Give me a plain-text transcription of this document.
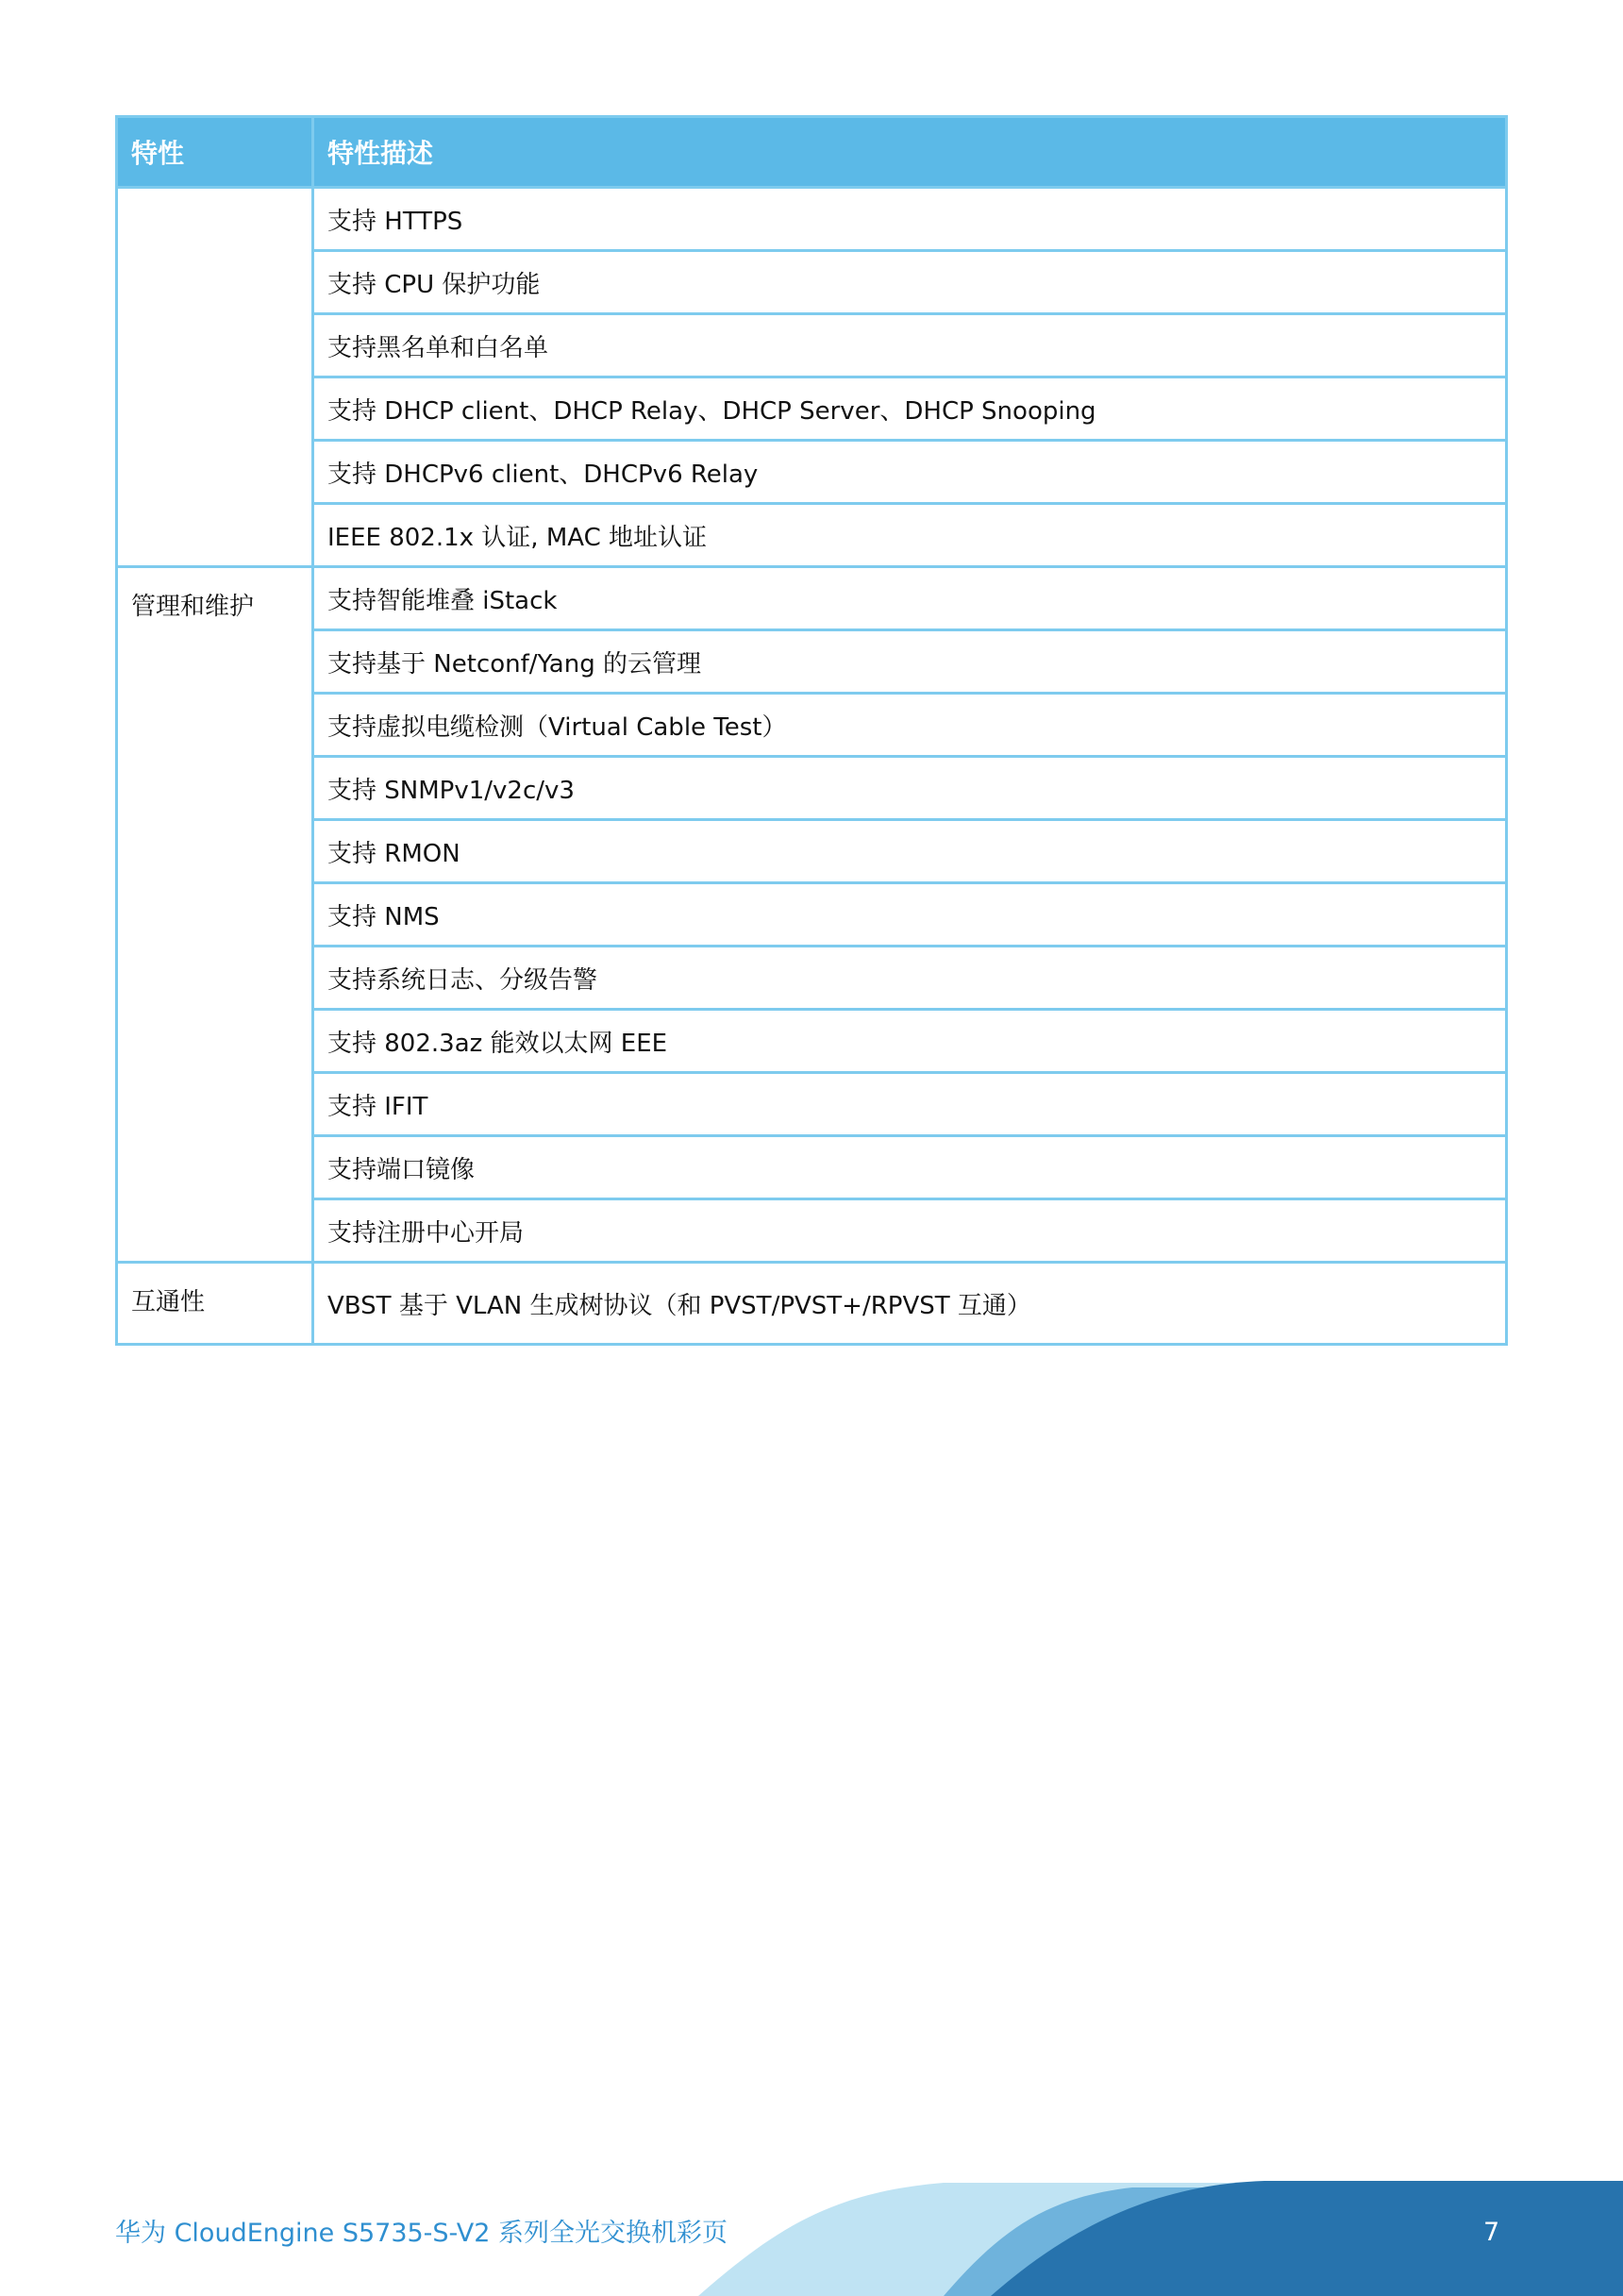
特性	特性描述
	支持 HTTPS
	支持 CPU 保护功能
	支持黑名单和白名单
	支持 DHCP client、DHCP Relay、DHCP Server、DHCP Snooping
	支持 DHCPv6 client、DHCPv6 Relay
	IEEE 802.1x 认证, MAC 地址认证
管理和维护	支持智能堆叠 iStack
	支持基于 Netconf/Yang 的云管理
	支持虚拟电缆检测（Virtual Cable Test）
	支持 SNMPv1/v2c/v3
	支持 RMON
	支持 NMS
	支持系统日志、分级告警
	支持 802.3az 能效以太网 EEE
	支持 IFIT
	支持端口镜像
	支持注册中心开局
互通性	VBST 基于 VLAN 生成树协议（和 PVST/PVST+/RPVST 互通）
华为 CloudEngine S5735-S-V2 系列全光交换机彩页	7
